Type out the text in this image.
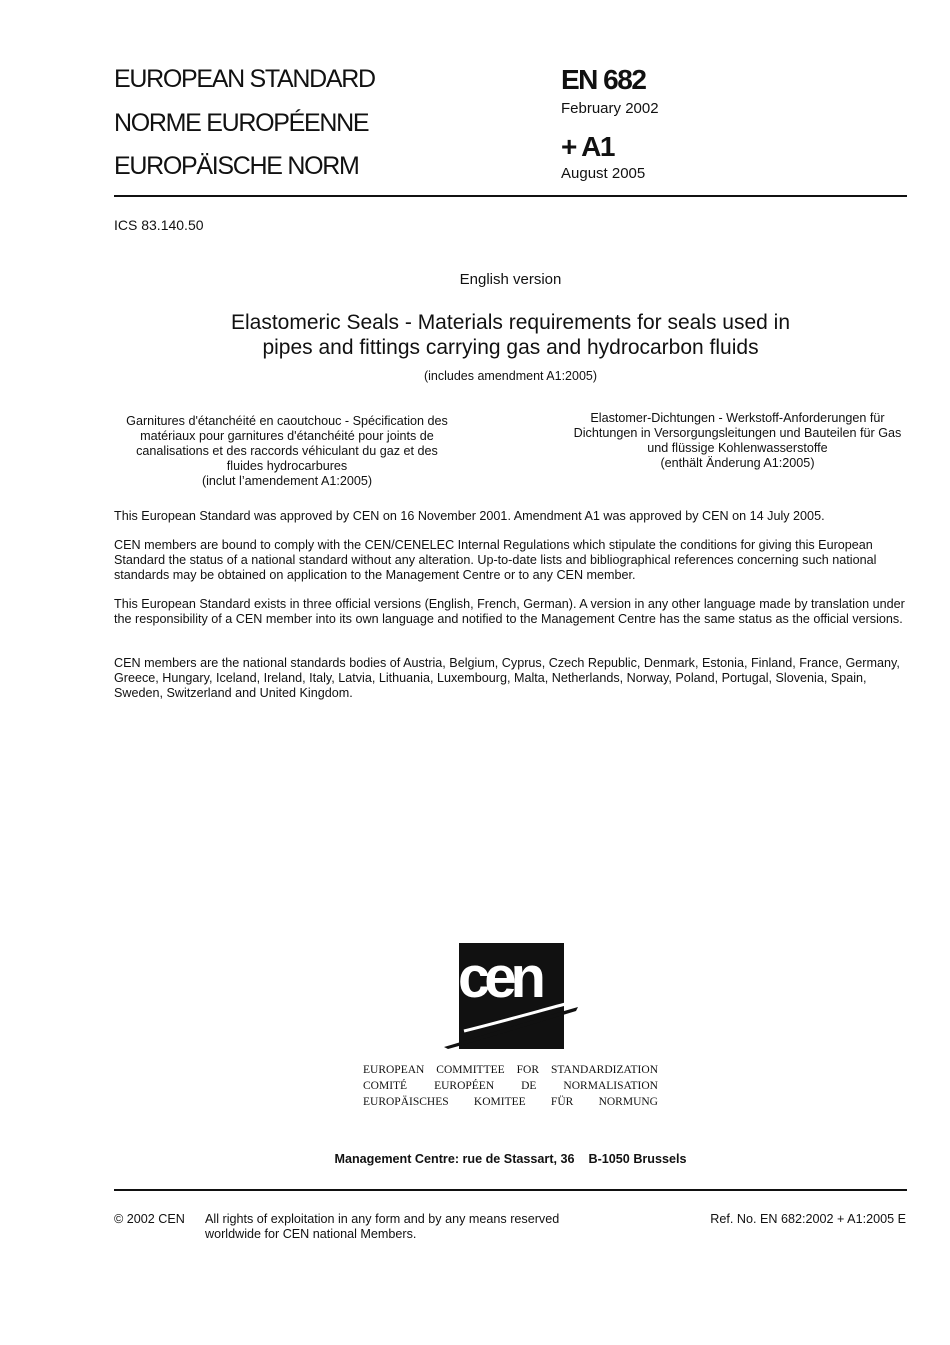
EUROPEAN STANDARD
NORME EUROPÉENNE
EUROPÄISCHE NORM
EN 682
February 2002
+ A1
August 2005
ICS 83.140.50
English version
Elastomeric Seals - Materials requirements for seals used in
pipes and fittings carrying gas and hydrocarbon fluids
(includes amendment A1:2005)
Garnitures d'étanchéité en caoutchouc - Spécification des
matériaux pour garnitures d'étanchéité pour joints de
canalisations et des raccords véhiculant du gaz et des
fluides hydrocarbures
(inclut l’amendement A1:2005)
Elastomer-Dichtungen - Werkstoff-Anforderungen für
Dichtungen in Versorgungsleitungen und Bauteilen für Gas
und flüssige Kohlenwasserstoffe
(enthält Änderung A1:2005)
This European Standard was approved by CEN on 16 November 2001. Amendment A1 was approved by CEN on 14 July 2005.
CEN members are bound to comply with the CEN/CENELEC Internal Regulations which stipulate the conditions for giving this European Standard the status of a national standard without any alteration. Up-to-date lists and bibliographical references concerning such national standards may be obtained on application to the Management Centre or to any CEN member.
This European Standard exists in three official versions (English, French, German). A version in any other language made by translation under the responsibility of a CEN member into its own language and notified to the Management Centre has the same status as the official versions.
CEN members are the national standards bodies of Austria, Belgium, Cyprus, Czech Republic, Denmark, Estonia, Finland, France, Germany, Greece, Hungary, Iceland, Ireland, Italy, Latvia, Lithuania, Luxembourg, Malta, Netherlands, Norway, Poland, Portugal, Slovenia, Spain, Sweden, Switzerland and United Kingdom.
cen
EUROPEAN COMMITTEE FOR STANDARDIZATION
COMITÉ EUROPÉEN DE NORMALISATION
EUROPÄISCHES KOMITEE FÜR NORMUNG
Management Centre: rue de Stassart, 36    B-1050 Brussels
© 2002 CEN All rights of exploitation in any form and by any means reserved
worldwide for CEN national Members.
Ref. No. EN 682:2002 + A1:2005 E
